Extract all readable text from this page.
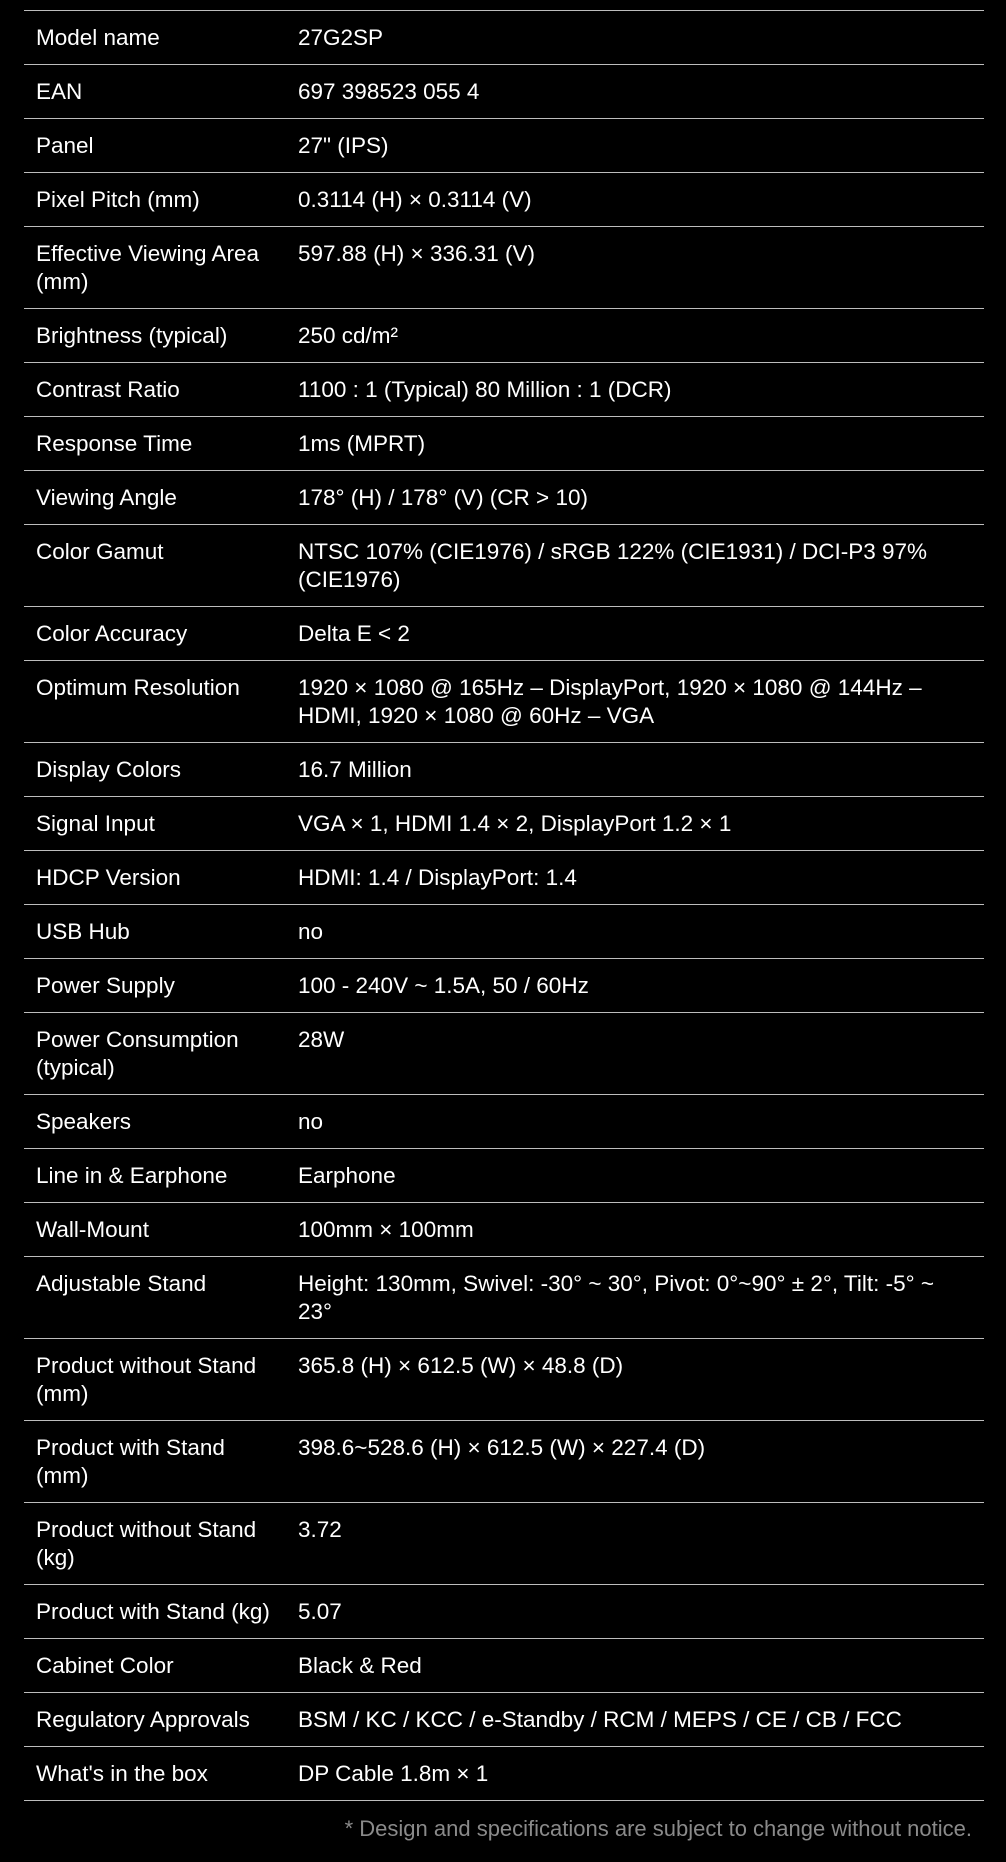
Model name	27G2SP
EAN	697 398523 055 4
Panel	27" (IPS)
Pixel Pitch (mm)	0.3114 (H) × 0.3114 (V)
Effective Viewing Area (mm)	597.88 (H) × 336.31 (V)
Brightness (typical)	250 cd/m²
Contrast Ratio	1100 : 1 (Typical) 80 Million : 1 (DCR)
Response Time	1ms (MPRT)
Viewing Angle	178° (H) / 178° (V) (CR > 10)
Color Gamut	NTSC 107% (CIE1976) / sRGB 122% (CIE1931) / DCI-P3 97% (CIE1976)
Color Accuracy	Delta E < 2
Optimum Resolution	1920 × 1080 @ 165Hz – DisplayPort, 1920 × 1080 @ 144Hz – HDMI, 1920 × 1080 @ 60Hz – VGA
Display Colors	16.7 Million
Signal Input	VGA × 1, HDMI 1.4 × 2, DisplayPort 1.2 × 1
HDCP Version	HDMI: 1.4 / DisplayPort: 1.4
USB Hub	no
Power Supply	100 - 240V ~ 1.5A, 50 / 60Hz
Power Consumption (typical)	28W
Speakers	no
Line in & Earphone	Earphone
Wall-Mount	100mm × 100mm
Adjustable Stand	Height: 130mm, Swivel: -30° ~ 30°, Pivot: 0°~90° ± 2°, Tilt: -5° ~ 23°
Product without Stand (mm)	365.8 (H) × 612.5 (W) × 48.8 (D)
Product with Stand (mm)	398.6~528.6 (H) × 612.5 (W) × 227.4 (D)
Product without Stand (kg)	3.72
Product with Stand (kg)	5.07
Cabinet Color	Black & Red
Regulatory Approvals	BSM / KC / KCC / e-Standby / RCM / MEPS / CE / CB / FCC
What's in the box	DP Cable 1.8m × 1
* Design and specifications are subject to change without notice.
